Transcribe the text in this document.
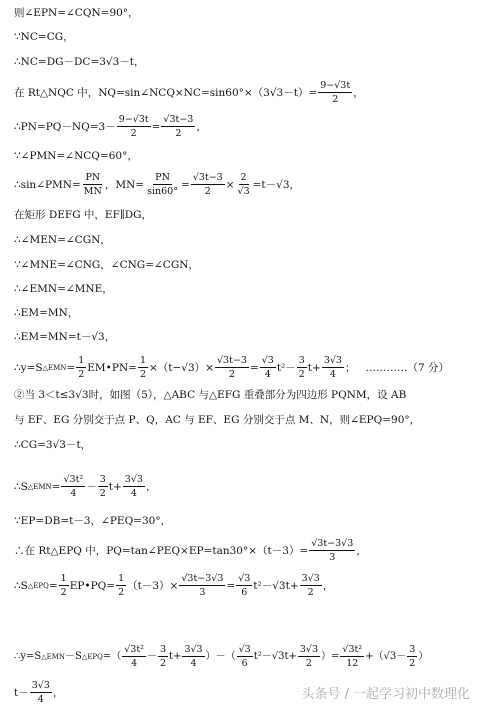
则∠EPN=∠CQN=90°，
∵NC=CG，
∴NC=DG－DC=3√3－t，
在 Rt△NQC 中，NQ=sin∠NCQ×NC=sin60°×（3√3－t）= $\frac{9-√3t}{2}$ ，
∴PN=PQ－NQ=3－ $\frac{9-√3t}{2} = \frac{√3t-3}{2}$ ，
∵∠PMN=∠NCQ=60°，
∴sin∠PMN= $\frac{PN}{MN}$ ，$MN= \frac{PN}{\sin 60^\circ} = \frac{√3t-3}{2} \times \frac{2}{√3} =t-√3$，
在矩形 DEFG 中，EF∥DG，
∴∠MEN=∠CGN，
∵∠MNE=∠CNG，∠CNG=∠CGN，
∴∠EMN=∠MNE，
∴EM=MN，
∴EM=MN=t－√3，
∴y=S △EMN = $\frac{1}{2}$ EM•PN= $\frac{1}{2} \times(t-√3)\times \frac{√3t-3}{2} = \frac{√3}{4} t^2- \frac{3}{2} t+ \frac{3√3}{4}$ ； …………（7 分）
②当 3＜t≤3√3时，如图（5），△ABC 与△EFG 重叠部分为四边形 PQNM，设 AB
与 EF、EG 分别交于点 P、Q，AC 与 EF、EG 分别交于点 M、N，则∠EPQ=90°，
∴CG=3√3－t，
∴S △EMN = $\frac{\text{√3t²}}{4} - \frac{3}{2} t+ \frac{3√3}{4}$ ，
∵EP=DB=t－3，∠PEQ=30°，
∴在 Rt△EPQ 中，PQ=tan∠PEQ×EP=tan30°×（t－3）= $\frac{√3t-3√3}{3}$ ，
∴S △EPQ = $\frac{1}{2}$ EP•PQ= $\frac{1}{2} (t-3)\times \frac{√3t-3√3}{3} = \frac{√3}{6} t^2-√3t+ \frac{3√3}{2}$ ，
∴y=S △EMN －S △EPQ =（ $\frac{\text{√3t²}}{4} - \frac{3}{2} t+ \frac{3√3}{4}$ ）－（ $\frac{√3}{6} t^2-√3t+ \frac{3√3}{2}$ ）= $\frac{\text{√3t²}}{12} +(√3- \frac{3}{2}$ ）
$t- \frac{3√3}{4}$ ，	头条号 / 一起学习初中数理化
